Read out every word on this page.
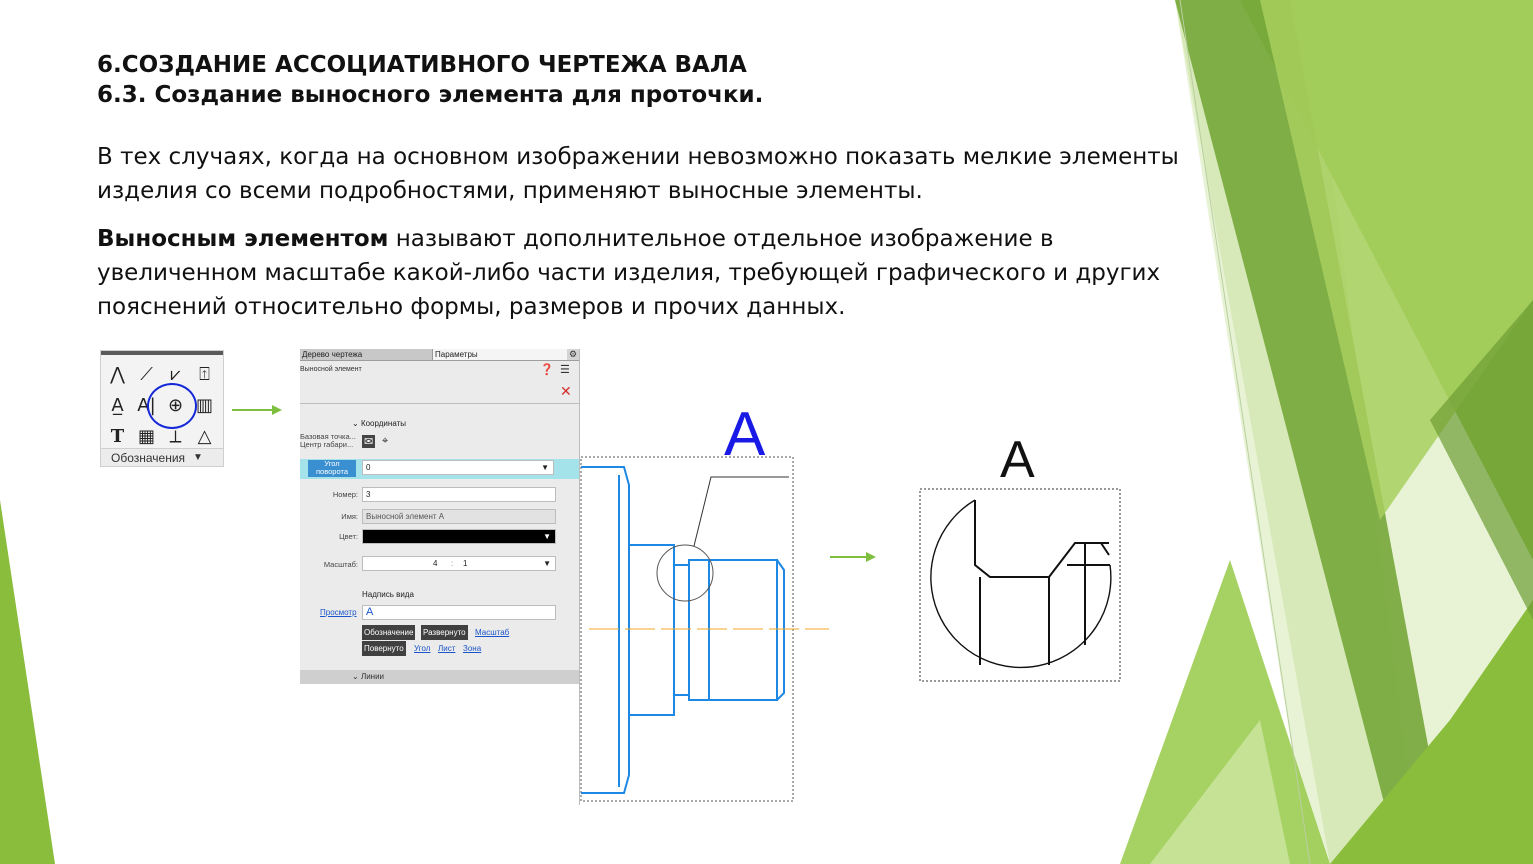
6.СОЗДАНИЕ АССОЦИАТИВНОГО ЧЕРТЕЖА ВАЛА
6.3. Создание выносного элемента для проточки.
В тех случаях, когда на основном изображении невозможно показать мелкие элементы изделия со всеми подробностями, применяют выносные элементы.
Выносным элементом называют дополнительное отдельное изображение в увеличенном масштабе какой-либо части изделия, требующей графического и других пояснений относительно формы, размеров и прочих данных.
⋀ ⟋ ⩗	⍐
A̲ A| ⊕ ▥
T ▦ ⟂ △
Обозначения ▼
Дерево чертежа	Параметры	⚙
Выносной элемент	❓ ☰
✕
⌄ Координаты
Базовая точка...
Центр габари... ✉ ⌖
Угол поворота	0	▼
Номер:	3
Имя:	Выносной элемент А
Цвет:	▼
Масштаб:	4 : 1	▼
Надпись вида
Просмотр А
Обозначение Развернуто Масштаб
Повернуто Угол Лист Зона
⌄ Линии
А	А
